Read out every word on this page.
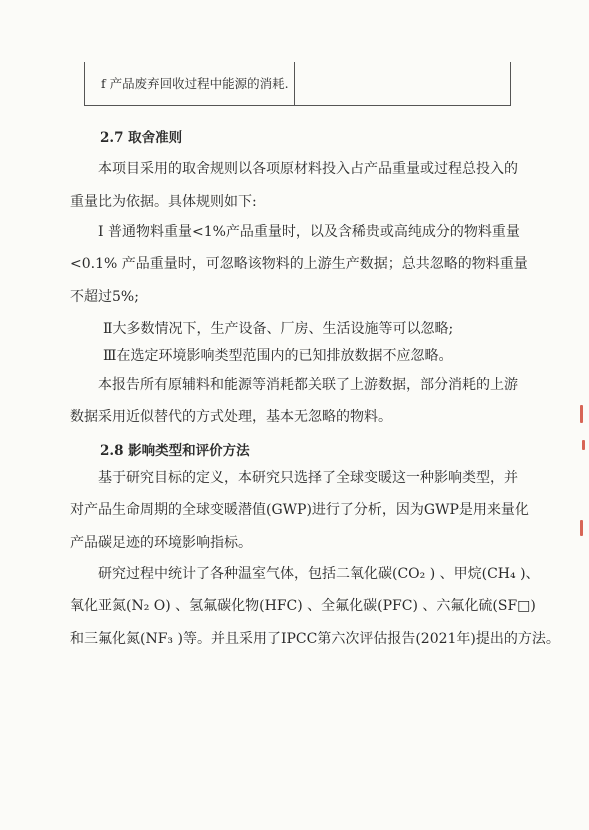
f 产品废弃回收过程中能源的消耗.
2.7 取舍准则
本项目采用的取舍规则以各项原材料投入占产品重量或过程总投入的
重量比为依据。具体规则如下:
I 普通物料重量<1%产品重量时，以及含稀贵或高纯成分的物料重量
<0.1% 产品重量时，可忽略该物料的上游生产数据；总共忽略的物料重量
不超过5%;
Ⅱ大多数情况下，生产设备、厂房、生活设施等可以忽略;
Ⅲ在选定环境影响类型范围内的已知排放数据不应忽略。
本报告所有原辅料和能源等消耗都关联了上游数据，部分消耗的上游
数据采用近似替代的方式处理，基本无忽略的物料。
2.8 影响类型和评价方法
基于研究目标的定义，本研究只选择了全球变暖这一种影响类型，并
对产品生命周期的全球变暖潜值(GWP)进行了分析，因为GWP是用来量化
产品碳足迹的环境影响指标。
研究过程中统计了各种温室气体，包括二氧化碳(CO₂ ) 、甲烷(CH₄ )、
氧化亚氮(N₂ O) 、氢氟碳化物(HFC) 、全氟化碳(PFC) 、六氟化硫(SF□)
和三氟化氮(NF₃ )等。并且采用了IPCC第六次评估报告(2021年)提出的方法。
